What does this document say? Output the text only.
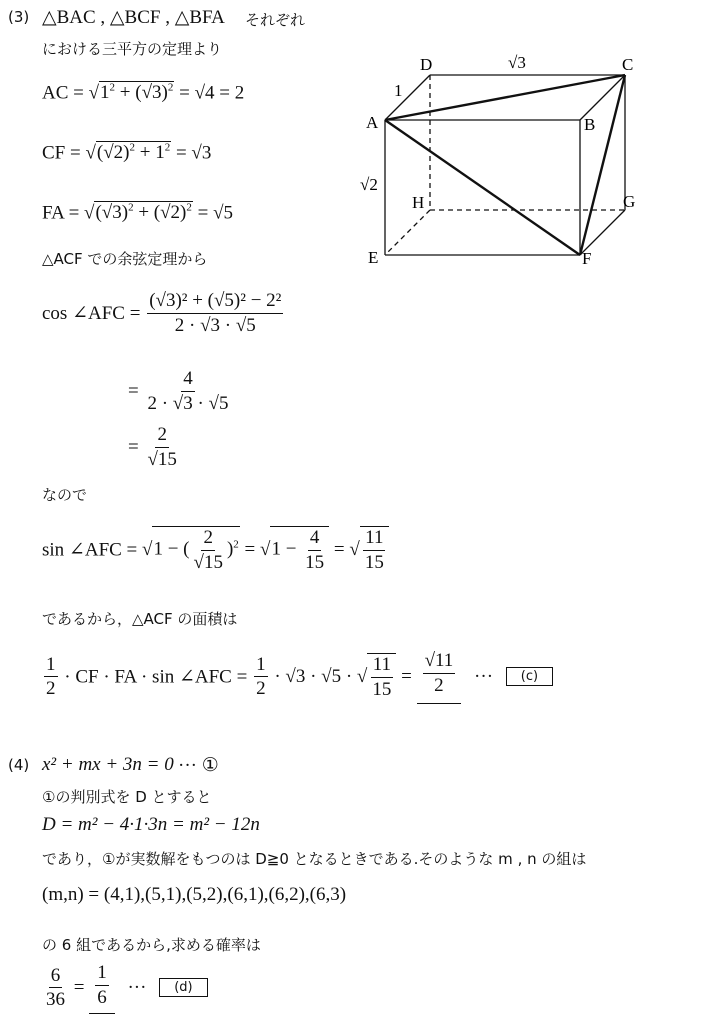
(3) △BAC , △BCF , △BFA それぞれ
における三平方の定理より
AC = $√1^2 + (√3)^2 = √4 = 2$
CF = $√(√2)^2 + 1^2 = √3$
FA = $√(√3)^2 + (√2)^2 = √5$
△ACF での余弦定理から
cos ∠AFC = $\frac{\text{(√3)² + (√5)² − 2²}}{2 \cdot √3 \cdot √5}$
= $\frac{4}{2 \cdot √3 \cdot √5}$
= $\frac{2}{√15}$
なので
sin ∠AFC = √1 − ( $\frac{2}{√15} )^2 = √1 - \frac{4}{15}$ = √ $\frac{11}{15}$
であるから，△ACF の面積は
$\frac{1}{2}$ · CF · FA · sin ∠AFC = $\frac{1}{2} \cdot √3 \cdot √5$ · √ $\frac{11}{15} = \frac{√11}{2}$ ··· (c)
D	C
A	B
H	G
E	F
1
√3
√2
(4) x² + mx + 3n = 0 ··· ①
①の判別式を D とすると
D = m² − 4·1·3n = m² − 12n
であり，①が実数解をもつのは D≧0 となるときである.そのような m , n の組は
(m,n) = (4,1),(5,1),(5,2),(6,1),(6,2),(6,3)
の 6 組であるから,求める確率は
$\frac{6}{36} = \frac{1}{6}$ ··· (d)
